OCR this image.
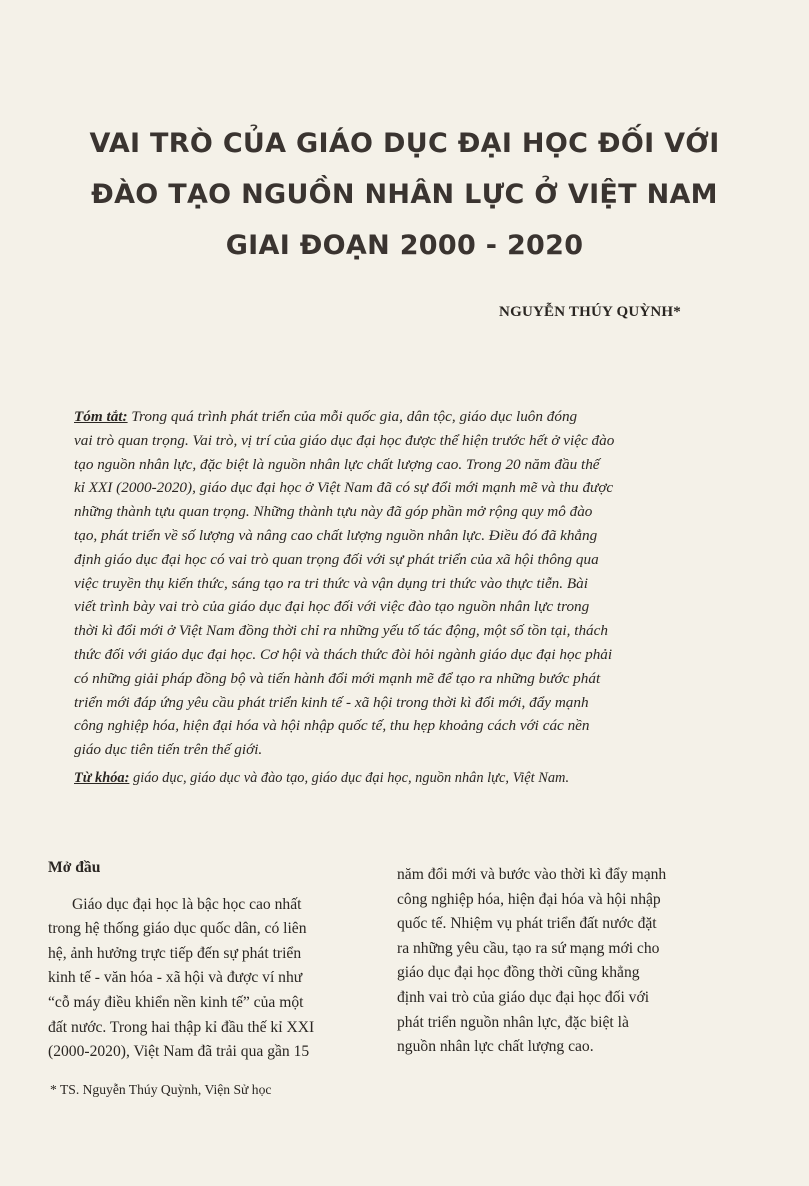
VAI TRÒ CỦA GIÁO DỤC ĐẠI HỌC ĐỐI VỚI
ĐÀO TẠO NGUỒN NHÂN LỰC Ở VIỆT NAM
GIAI ĐOẠN 2000 - 2020
NGUYỄN THÚY QUỲNH*
Tóm tắt: Trong quá trình phát triển của mỗi quốc gia, dân tộc, giáo dục luôn đóng
vai trò quan trọng. Vai trò, vị trí của giáo dục đại học được thể hiện trước hết ở việc đào
tạo nguồn nhân lực, đặc biệt là nguồn nhân lực chất lượng cao. Trong 20 năm đầu thế
kỉ XXI (2000-2020), giáo dục đại học ở Việt Nam đã có sự đổi mới mạnh mẽ và thu được
những thành tựu quan trọng. Những thành tựu này đã góp phần mở rộng quy mô đào
tạo, phát triển về số lượng và nâng cao chất lượng nguồn nhân lực. Điều đó đã khẳng
định giáo dục đại học có vai trò quan trọng đối với sự phát triển của xã hội thông qua
việc truyền thụ kiến thức, sáng tạo ra tri thức và vận dụng tri thức vào thực tiễn. Bài
viết trình bày vai trò của giáo dục đại học đối với việc đào tạo nguồn nhân lực trong
thời kì đổi mới ở Việt Nam đồng thời chỉ ra những yếu tố tác động, một số tồn tại, thách
thức đối với giáo dục đại học. Cơ hội và thách thức đòi hỏi ngành giáo dục đại học phải
có những giải pháp đồng bộ và tiến hành đổi mới mạnh mẽ để tạo ra những bước phát
triển mới đáp ứng yêu cầu phát triển kinh tế - xã hội trong thời kì đổi mới, đẩy mạnh
công nghiệp hóa, hiện đại hóa và hội nhập quốc tế, thu hẹp khoảng cách với các nền
giáo dục tiên tiến trên thế giới.
Từ khóa: giáo dục, giáo dục và đào tạo, giáo dục đại học, nguồn nhân lực, Việt Nam.
Mở đầu
Giáo dục đại học là bậc học cao nhất
trong hệ thống giáo dục quốc dân, có liên
hệ, ảnh hưởng trực tiếp đến sự phát triển
kinh tế - văn hóa - xã hội và được ví như
“cỗ máy điều khiển nền kinh tế” của một
đất nước. Trong hai thập kỉ đầu thế kỉ XXI
(2000-2020), Việt Nam đã trải qua gần 15
năm đổi mới và bước vào thời kì đẩy mạnh
công nghiệp hóa, hiện đại hóa và hội nhập
quốc tế. Nhiệm vụ phát triển đất nước đặt
ra những yêu cầu, tạo ra sứ mạng mới cho
giáo dục đại học đồng thời cũng khẳng
định vai trò của giáo dục đại học đối với
phát triển nguồn nhân lực, đặc biệt là
nguồn nhân lực chất lượng cao.
* TS. Nguyễn Thúy Quỳnh, Viện Sử học
